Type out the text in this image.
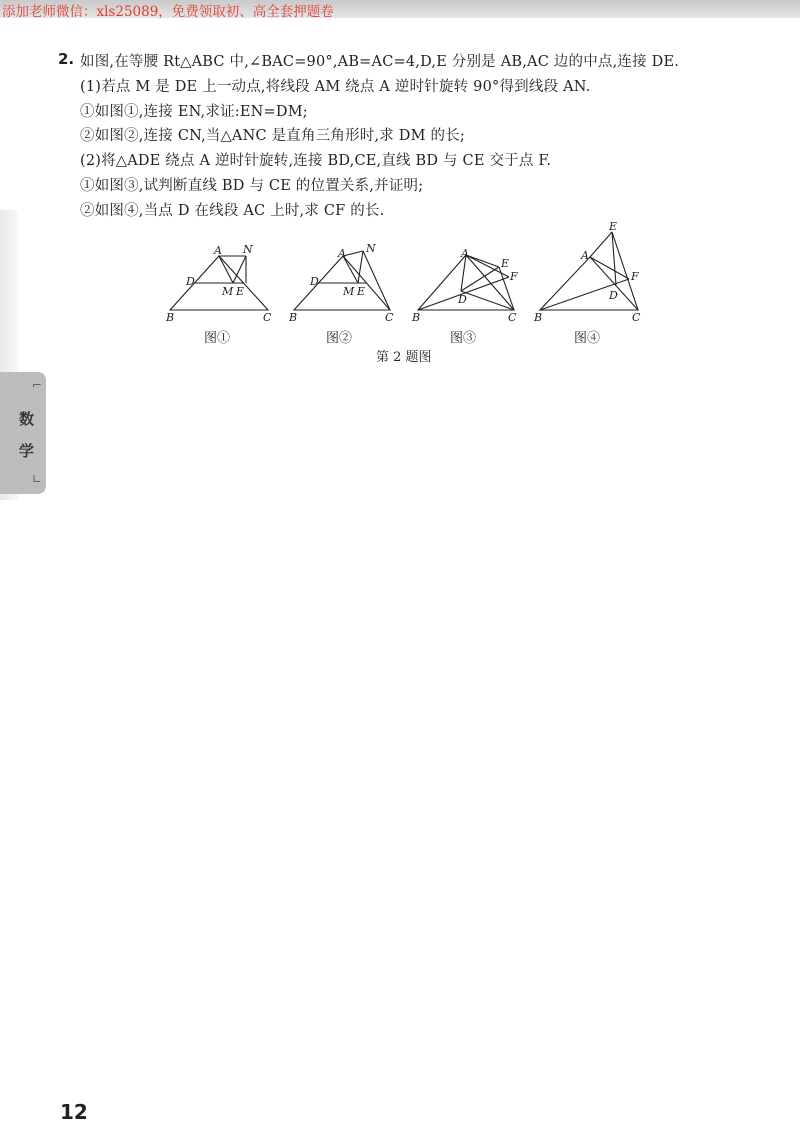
添加老师微信：xls25089，免费领取初、高全套押题卷
⌐
数
学
∟
2. 如图,在等腰 Rt△ABC 中,∠BAC=90°,AB=AC=4,D,E 分别是 AB,AC 边的中点,连接 DE.
(1)若点 M 是 DE 上一动点,将线段 AM 绕点 A 逆时针旋转 90°得到线段 AN.
①如图①,连接 EN,求证:EN=DM;
②如图②,连接 CN,当△ANC 是直角三角形时,求 DM 的长;
(2)将△ADE 绕点 A 逆时针旋转,连接 BD,CE,直线 BD 与 CE 交于点 F.
①如图③,试判断直线 BD 与 CE 的位置关系,并证明;
②如图④,当点 D 在线段 AC 上时,求 CF 的长.
A N
D
M E
B	C
A N
D
M E
B	C
A
E
F
D
B	C
E
A
F
D
B	C
图①	图②	图③	图④
第 2 题图
12
